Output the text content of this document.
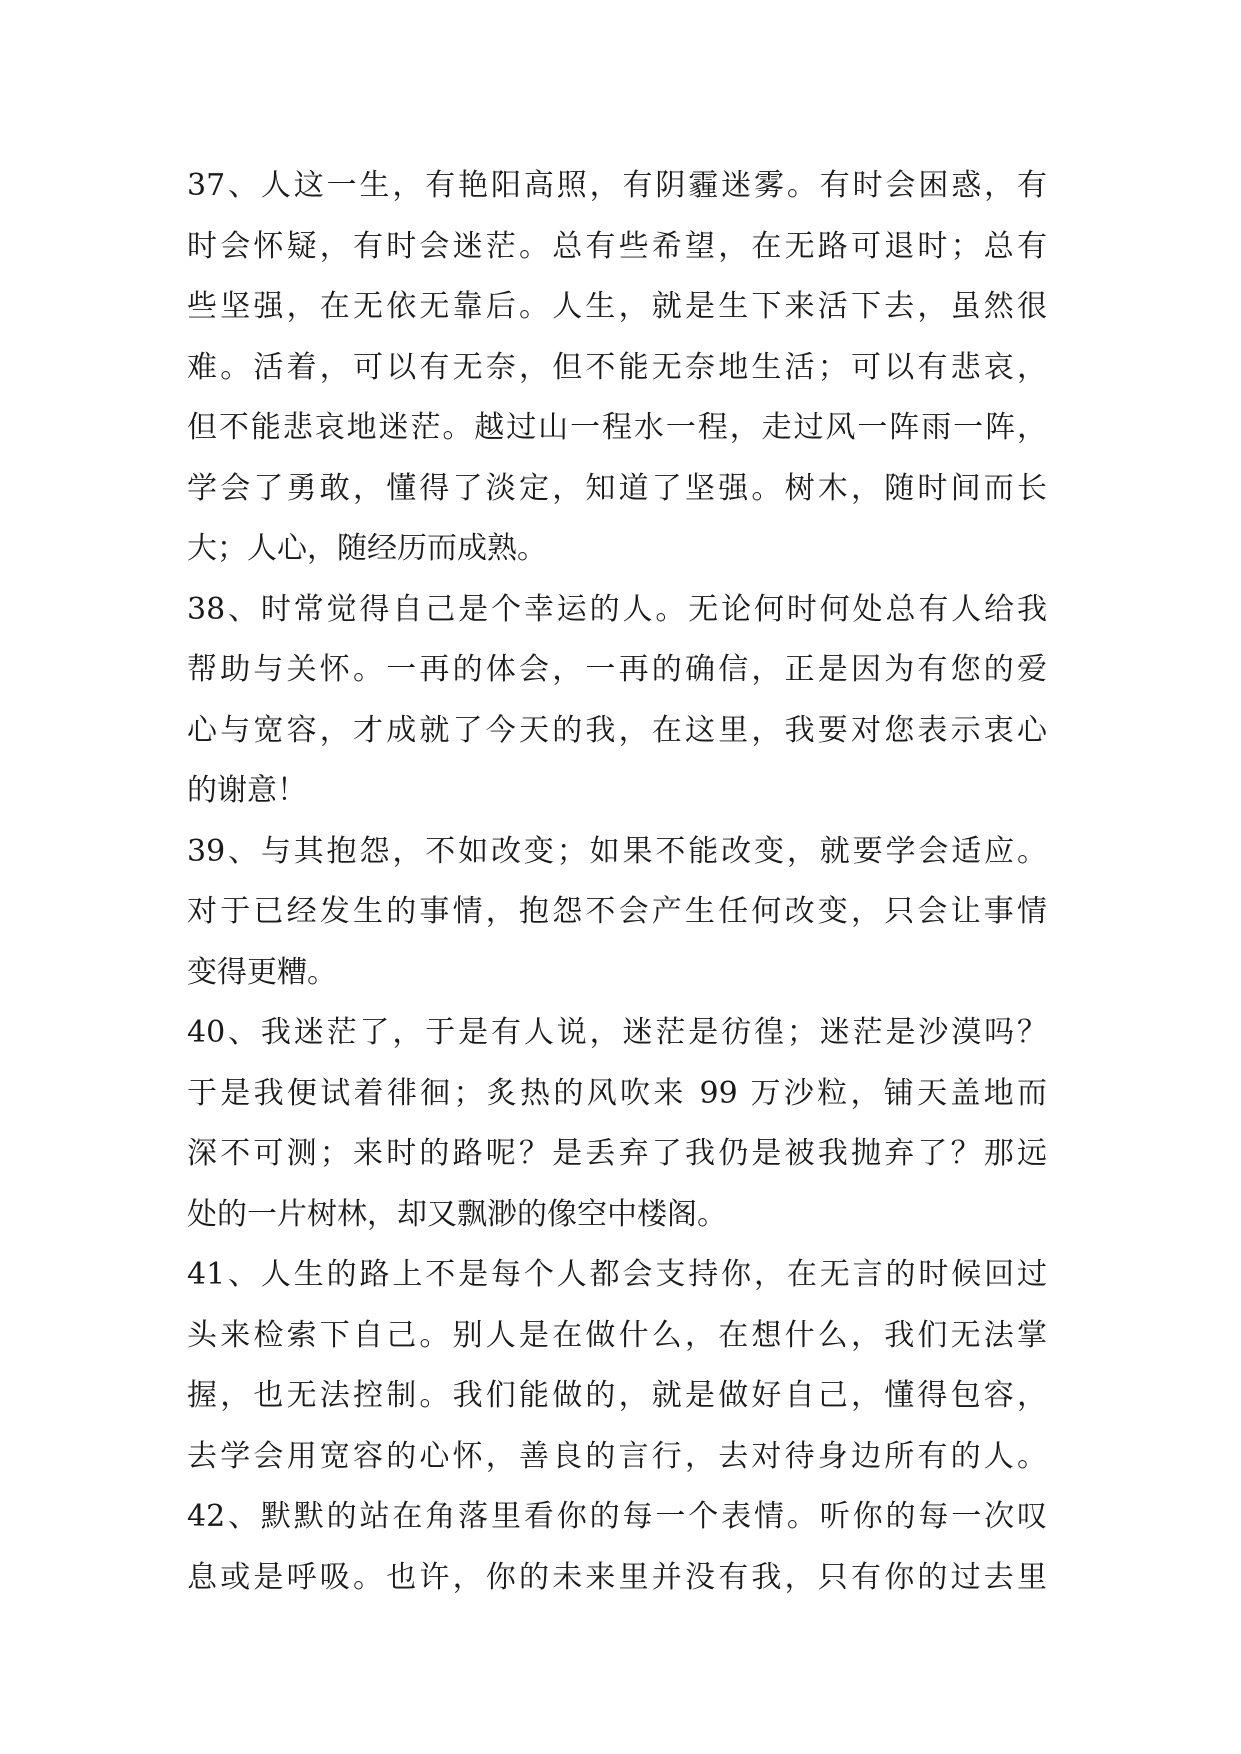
37、人这一生，有艳阳高照，有阴霾迷雾。有时会困惑，有
时会怀疑，有时会迷茫。总有些希望，在无路可退时；总有
些坚强，在无依无靠后。人生，就是生下来活下去，虽然很
难。活着，可以有无奈，但不能无奈地生活；可以有悲哀，
但不能悲哀地迷茫。越过山一程水一程，走过风一阵雨一阵，
学会了勇敢，懂得了淡定，知道了坚强。树木，随时间而长
大；人心，随经历而成熟。
38、时常觉得自己是个幸运的人。无论何时何处总有人给我
帮助与关怀。一再的体会，一再的确信，正是因为有您的爱
心与宽容，才成就了今天的我，在这里，我要对您表示衷心
的谢意！
39、与其抱怨，不如改变；如果不能改变，就要学会适应。
对于已经发生的事情，抱怨不会产生任何改变，只会让事情
变得更糟。
40、我迷茫了，于是有人说，迷茫是彷徨；迷茫是沙漠吗？
于是我便试着徘徊；炙热的风吹来 99 万沙粒，铺天盖地而
深不可测；来时的路呢？是丢弃了我仍是被我抛弃了？那远
处的一片树林，却又飘渺的像空中楼阁。
41、人生的路上不是每个人都会支持你，在无言的时候回过
头来检索下自己。别人是在做什么，在想什么，我们无法掌
握，也无法控制。我们能做的，就是做好自己，懂得包容，
去学会用宽容的心怀，善良的言行，去对待身边所有的人。
42、默默的站在角落里看你的每一个表情。听你的每一次叹
息或是呼吸。也许，你的未来里并没有我，只有你的过去里
